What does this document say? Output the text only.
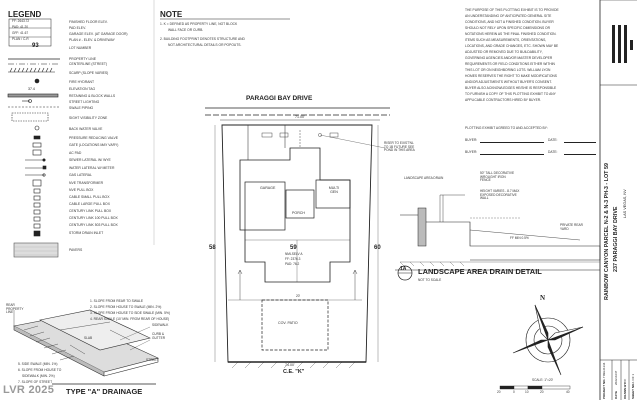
37.4
N
LEGEND
FF: 2643.72
PAD: 41.20
GFF: 41.67
PLAN / C-R
93
FINISHED FLOOR ELEV.
PAD ELEV.
GARAGE ELEV. (AT GARAGE DOOR)
PLAN # - ELEV. & DRIVEWAY
LOT NUMBER
PROPERTY LINE
CENTERLINE (STREET)
SCARP (SLOPE VARIES)
FIRE HYDRANT
ELEVATION TAG
RETAINING & BLOCK WALLS
STREET LIGHTING
SWALE PIPING
SIGHT VISIBILITY ZONE
BACK WATER VALVE
PRESSURE REDUCING VALVE
GATE (LOCATIONS MAY VARY)
AC PAD
SEWER LATERAL W/ WYE
WATER LATERAL W/ METER
GAS LATERAL
NVE TRANSFORMER
NVE PULL BOX
CABLE SMALL PULL BOX
CABLE LARGE PULL BOX
CENTURY LINK PULL BOX
CENTURY LINK 100 PULL BOX
CENTURY LINK 503 PULL BOX
STORM DRAIN INLET
PAVERS
NOTE
1. K = DEFINED AS PROPERTY LINE, NOT BLOCK
WALL FACE OR CURB.
2. BUILDING FOOTPRINT DENOTES STRUCTURE AND
NOT ARCHITECTURAL DETAILS OR POPOUTS.
THE PURPOSE OF THIS PLOTTING EXHIBIT IS TO PROVIDE
AN UNDERSTANDING OF ANTICIPATED GENERAL SITE
CONDITIONS, AND NOT A FINISHED CONDITION. BUYER
SHOULD NOT RELY UPON SPECIFIC DIMENSIONS OR
NOTATIONS HEREIN AS THE FINAL FINISHED CONDITION.
ITEMS SUCH AS MEASUREMENTS, ORIENTATIONS,
LOCATIONS, AND GRADE CHANGES, ETC. SHOWN MAY BE
ADJUSTED OR REMOVED DUE TO BUILDABILITY,
GOVERNING AGENCIES AND/OR MASTER DEVELOPER
REQUIREMENTS OR FIELD CONDITIONS EITHER WITHIN
THIS LOT OR ON NEIGHBORING LOTS. WILLIAM LYON
HOMES RESERVES THE RIGHT TO MAKE MODIFICATIONS
AND/OR ADJUSTMENTS WITHOUT BUYER'S CONSENT.
BUYER ALSO ACKNOWLEDGES HE/SHE IS RESPONSIBLE
TO FURNISH A COPY OF THIS PLOTTING EXHIBIT TO ANY
APPLICABLE CONTRACTORS HIRED BY BUYER.
PLOTTING EXHIBIT AGREED TO AND ACCEPTED BY:
BUYER:	DATE:
BUYER:	DATE:
PARAGGI BAY DRIVE
71.00'
GARAGE
PORCH
MULTI GEN
59
NMLSELV A
FF: 2376.3
PAD: 76.2
COV. PATIO
58	60
74.00'
C.E. "K"
20'
RISER TO EXIST'NL TO 1B FUTURE SEE POND IN THIS AREA
LANDSCAPE AREA DRAIN
50" TALL DECORATIVE WROUGHT IRON FENCE
HEIGHT VARIES - 8.7 MAX EXPOSED DECORATIVE WALL
PRIVATE REAR YARD
FF MIN 0.5%
1A LANDSCAPE AREA DRAIN DETAIL
NOT TO SCALE
REAR PROPERTY LINE
SLAB
CURB & GUTTER
SIDEWALK
STREET
1. SLOPE FROM REAR TO SWALE
2. SLOPE FROM HOUSE TO SWALE (MIN. 2%)
3. SLOPE FROM HOUSE TO SIDE SWALE (MIN. 5%)
4. REAR SWALE (10' MIN. FROM REAR OF HOUSE)
5. SIDE SWALE (MIN. 1%)
6. SLOPE FROM HOUSE TO
SIDEWALK (MIN. 2%)
7. SLOPE OF STREET
TYPE "A" DRAINAGE
SCALE: 1"=20'
20	0	10	20	40
RAINBOW CANYON PARCEL N-2 & N-3 PH-3 - LOT 59 237 PARAGGI BAY DRIVE
LAS VEGAS, NV
PROJECT NO.
T09H21134
DATE
2022-0247
DRAWN BY
CC
SHEET NO.
1 OF 1
LVR 2025
